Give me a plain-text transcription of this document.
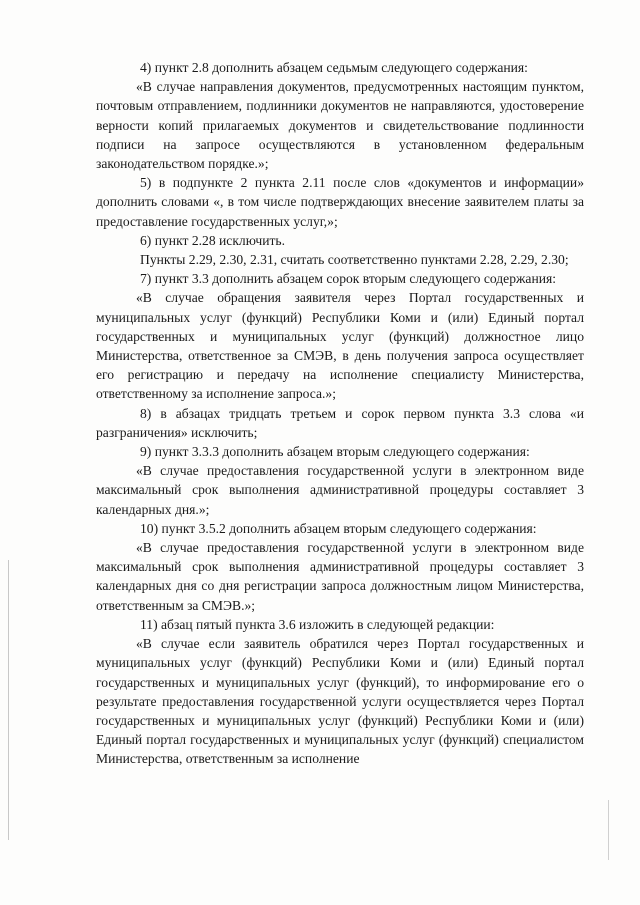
4) пункт 2.8 дополнить абзацем седьмым следующего содержания:

«В случае направления документов, предусмотренных настоящим пунктом, почтовым отправлением, подлинники документов не направляются, удостоверение верности копий прилагаемых документов и свидетельствование подлинности подписи на запросе осуществляются в установленном федеральным законодательством порядке.»;

5) в подпункте 2 пункта 2.11 после слов «документов и информации» дополнить словами «, в том числе подтверждающих внесение заявителем платы за предоставление государственных услуг,»;

6) пункт 2.28 исключить.

Пункты 2.29, 2.30, 2.31, считать соответственно пунктами 2.28, 2.29, 2.30;

7) пункт 3.3 дополнить абзацем сорок вторым следующего содержания:

«В случае обращения заявителя через Портал государственных и муниципальных услуг (функций) Республики Коми и (или) Единый портал государственных и муниципальных услуг (функций) должностное лицо Министерства, ответственное за СМЭВ, в день получения запроса осуществляет его регистрацию и передачу на исполнение специалисту Министерства, ответственному за исполнение запроса.»;

8) в абзацах тридцать третьем и сорок первом пункта 3.3 слова «и разграничения» исключить;

9) пункт 3.3.3 дополнить абзацем вторым следующего содержания:

«В случае предоставления государственной услуги в электронном виде максимальный срок выполнения административной процедуры составляет 3 календарных дня.»;

10) пункт 3.5.2 дополнить абзацем вторым следующего содержания:

«В случае предоставления государственной услуги в электронном виде максимальный срок выполнения административной процедуры составляет 3 календарных дня со дня регистрации запроса должностным лицом Министерства, ответственным за СМЭВ.»;

11) абзац пятый пункта 3.6 изложить в следующей редакции:

«В случае если заявитель обратился через Портал государственных и муниципальных услуг (функций) Республики Коми и (или) Единый портал государственных и муниципальных услуг (функций), то информирование его о результате предоставления государственной услуги осуществляется через Портал государственных и муниципальных услуг (функций) Республики Коми и (или) Единый портал государственных и муниципальных услуг (функций) специалистом Министерства, ответственным за исполнение
